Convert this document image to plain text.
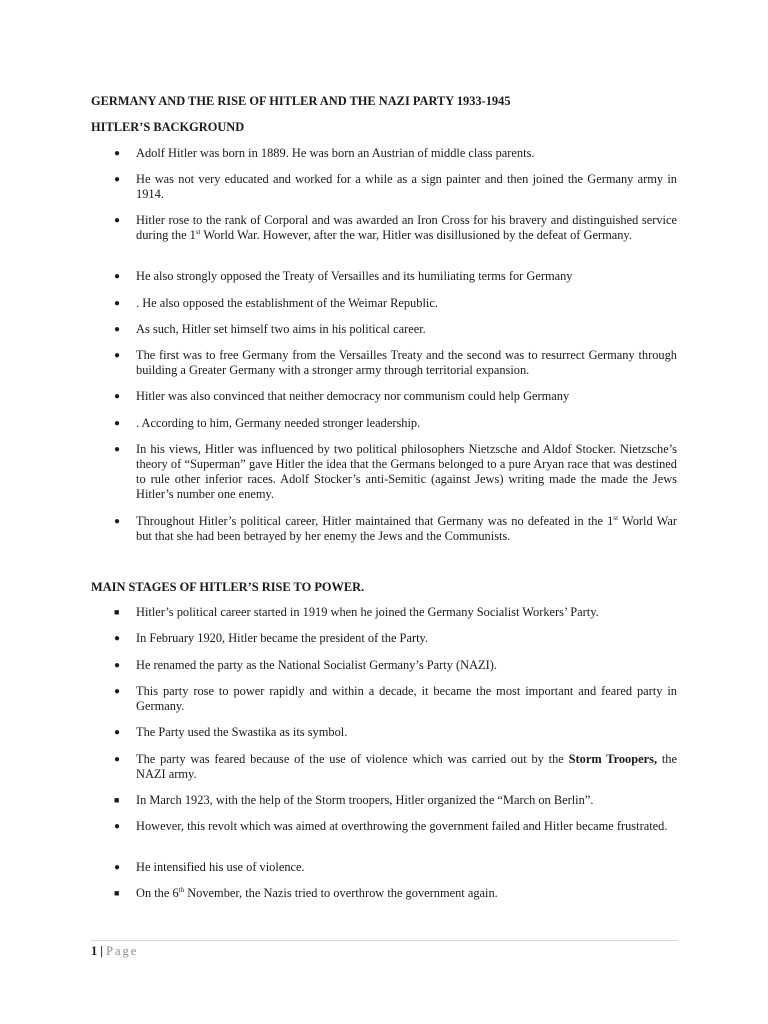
GERMANY AND THE RISE OF HITLER AND THE NAZI PARTY 1933-1945
HITLER’S BACKGROUND
● Adolf Hitler was born in 1889. He was born an Austrian of middle class parents.
● He was not very educated and worked for a while as a sign painter and then joined the Germany army in 1914.
● Hitler rose to the rank of Corporal and was awarded an Iron Cross for his bravery and distinguished service during the 1st World War. However, after the war, Hitler was disillusioned by the defeat of Germany.
● He also strongly opposed the Treaty of Versailles and its humiliating terms for Germany
● . He also opposed the establishment of the Weimar Republic.
● As such, Hitler set himself two aims in his political career.
● The first was to free Germany from the Versailles Treaty and the second was to resurrect Germany through building a Greater Germany with a stronger army through territorial expansion.
● Hitler was also convinced that neither democracy nor communism could help Germany
● . According to him, Germany needed stronger leadership.
● In his views, Hitler was influenced by two political philosophers Nietzsche and Aldof Stocker. Nietzsche’s theory of “Superman” gave Hitler the idea that the Germans belonged to a pure Aryan race that was destined to rule other inferior races. Adolf Stocker’s anti-Semitic (against Jews) writing made the made the Jews Hitler’s number one enemy.
● Throughout Hitler’s political career, Hitler maintained that Germany was no defeated in the 1st World War but that she had been betrayed by her enemy the Jews and the Communists.
MAIN STAGES OF HITLER’S RISE TO POWER.
■ Hitler’s political career started in 1919 when he joined the Germany Socialist Workers’ Party.
● In February 1920, Hitler became the president of the Party.
● He renamed the party as the National Socialist Germany’s Party (NAZI).
● This party rose to power rapidly and within a decade, it became the most important and feared party in Germany.
● The Party used the Swastika as its symbol.
● The party was feared because of the use of violence which was carried out by the Storm Troopers, the NAZI army.
■ In March 1923, with the help of the Storm troopers, Hitler organized the “March on Berlin”.
● However, this revolt which was aimed at overthrowing the government failed and Hitler became frustrated.
● He intensified his use of violence.
■ On the 6th November, the Nazis tried to overthrow the government again.
1 | Page
